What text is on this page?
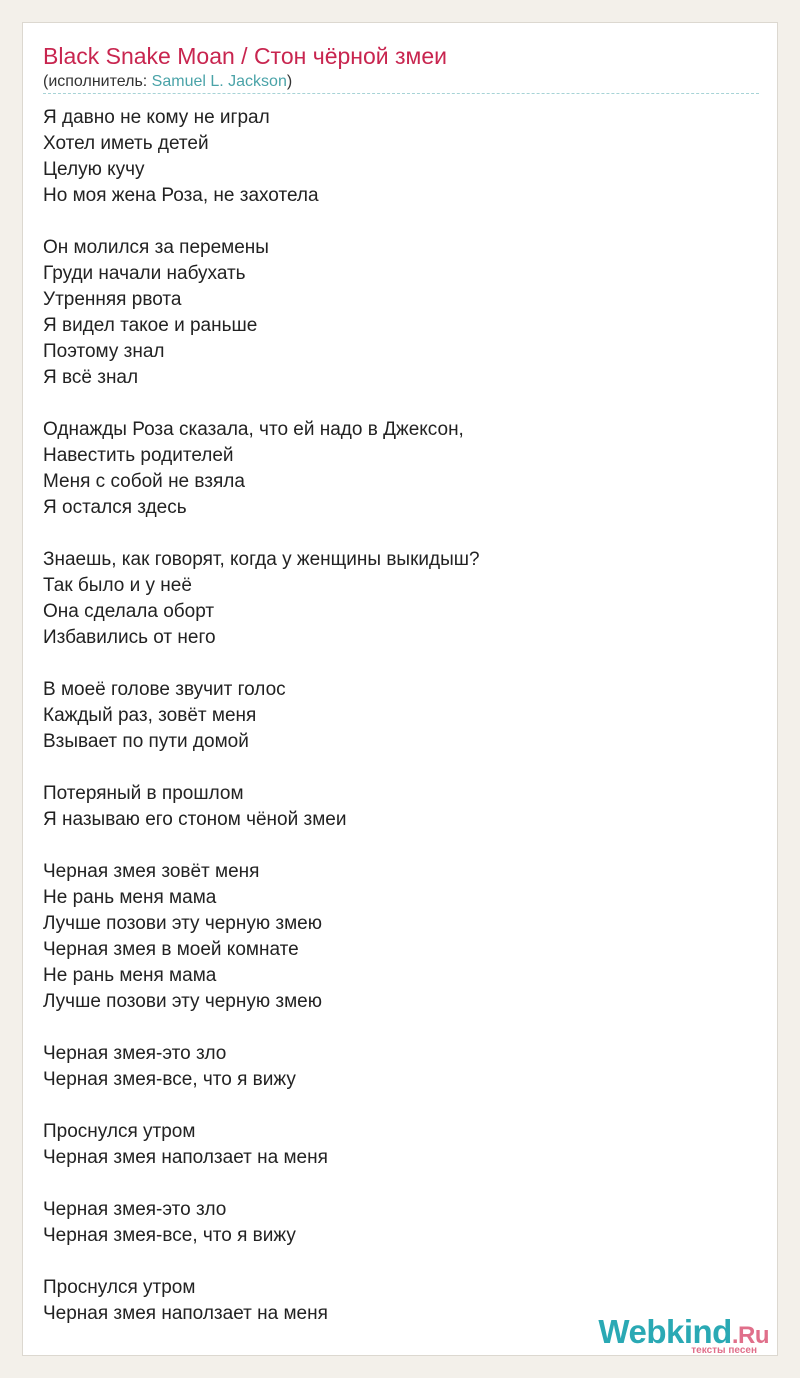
Black Snake Moan / Стон чёрной змеи
(исполнитель: Samuel L. Jackson)
Я давно не кому не играл
Хотел иметь детей
Целую кучу
Но моя жена Роза, не захотела
Он молился за перемены
Груди начали набухать
Утренняя рвота
Я видел такое и раньше
Поэтому знал
Я всё знал
Однажды Роза сказала, что ей надо в Джексон,
Навестить родителей
Меня с собой не взяла
Я остался здесь
Знаешь, как говорят, когда у женщины выкидыш?
Так было и у неё
Она сделала оборт
Избавились от него
В моеё голове звучит голос
Каждый раз, зовёт меня
Взывает по пути домой
Потеряный в прошлом
Я называю его стоном чёной змеи
Черная змея зовёт меня
Не рань меня мама
Лучше позови эту черную змею
Черная змея в моей комнате
Не рань меня мама
Лучше позови эту черную змею
Черная змея-это зло
Черная змея-все, что я вижу
Проснулся утром
Черная змея наползает на меня
Черная змея-это зло
Черная змея-все, что я вижу
Проснулся утром
Черная змея наползает на меня	Webkind.Ru
тексты песен
